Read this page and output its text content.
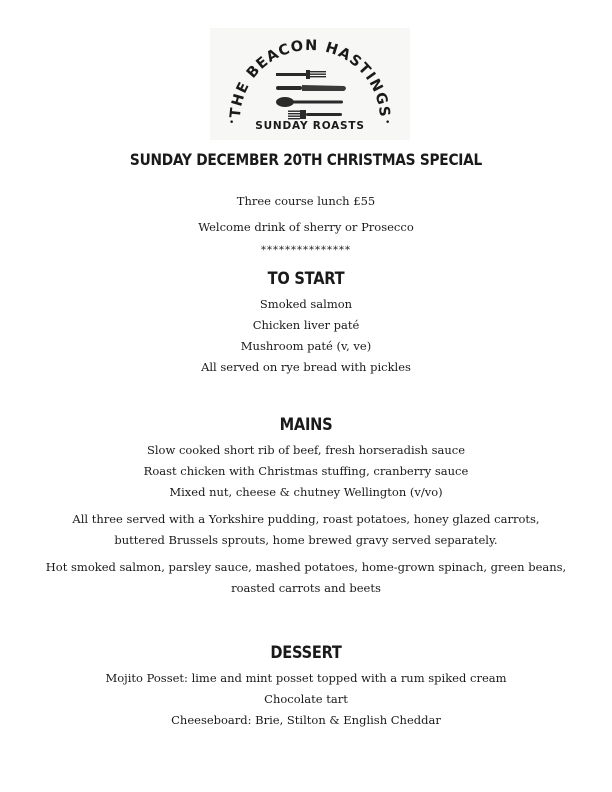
THE BEACON HASTINGS
•	•
SUNDAY ROASTS
SUNDAY DECEMBER 20TH CHRISTMAS SPECIAL
Three course lunch £55
Welcome drink of sherry or Prosecco
***************
TO START
Smoked salmon
Chicken liver paté
Mushroom paté (v, ve)
All served on rye bread with pickles
MAINS
Slow cooked short rib of beef, fresh horseradish sauce
Roast chicken with Christmas stuffing, cranberry sauce
Mixed nut, cheese & chutney Wellington (v/vo)
All three served with a Yorkshire pudding, roast potatoes, honey glazed carrots,
buttered Brussels sprouts, home brewed gravy served separately.
Hot smoked salmon, parsley sauce, mashed potatoes, home-grown spinach, green beans,
roasted carrots and beets
DESSERT
Mojito Posset: lime and mint posset topped with a rum spiked cream
Chocolate tart
Cheeseboard: Brie, Stilton & English Cheddar
